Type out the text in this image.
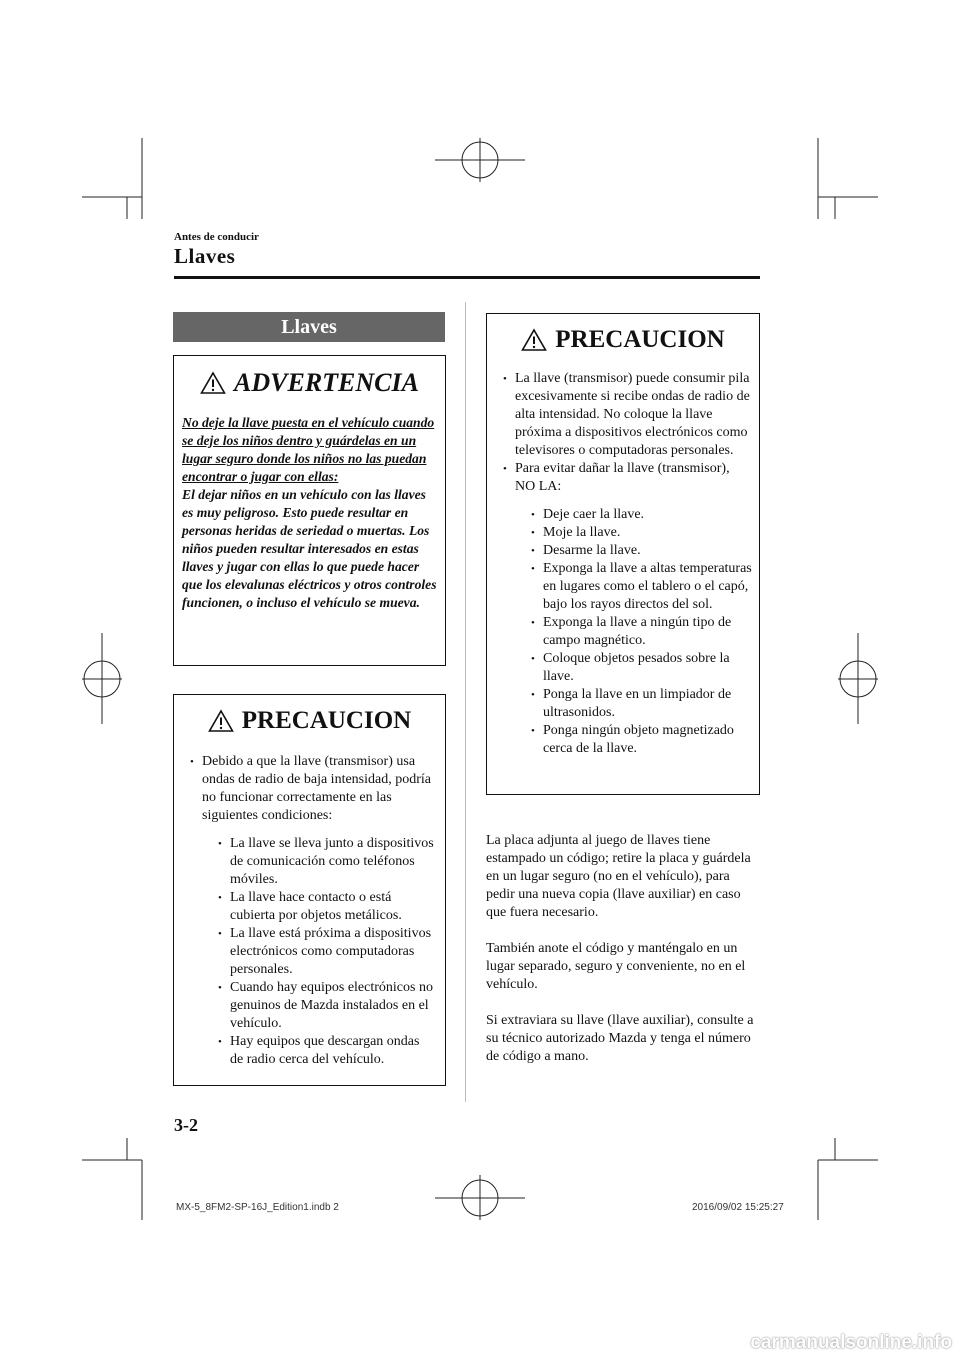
Antes de conducir
Llaves
Llaves
ADVERTENCIA
No deje la llave puesta en el vehículo cuando se deje los niños dentro y guárdelas en un lugar seguro donde los niños no las puedan encontrar o jugar con ellas:
El dejar niños en un vehículo con las llaves es muy peligroso. Esto puede resultar en personas heridas de seriedad o muertas. Los niños pueden resultar interesados en estas llaves y jugar con ellas lo que puede hacer que los elevalunas eléctricos y otros controles funcionen, o incluso el vehículo se mueva.
PRECAUCION
• Debido a que la llave (transmisor) usa ondas de radio de baja intensidad, podría no funcionar correctamente en las siguientes condiciones:
• La llave se lleva junto a dispositivos de comunicación como teléfonos móviles.
• La llave hace contacto o está cubierta por objetos metálicos.
• La llave está próxima a dispositivos electrónicos como computadoras personales.
• Cuando hay equipos electrónicos no genuinos de Mazda instalados en el vehículo.
• Hay equipos que descargan ondas de radio cerca del vehículo.
PRECAUCION
• La llave (transmisor) puede consumir pila excesivamente si recibe ondas de radio de alta intensidad. No coloque la llave próxima a dispositivos electrónicos como televisores o computadoras personales.
• Para evitar dañar la llave (transmisor), NO LA:
• Deje caer la llave.
• Moje la llave.
• Desarme la llave.
• Exponga la llave a altas temperaturas en lugares como el tablero o el capó, bajo los rayos directos del sol.
• Exponga la llave a ningún tipo de campo magnético.
• Coloque objetos pesados sobre la llave.
• Ponga la llave en un limpiador de ultrasonidos.
• Ponga ningún objeto magnetizado cerca de la llave.
La placa adjunta al juego de llaves tiene estampado un código; retire la placa y guárdela en un lugar seguro (no en el vehículo), para pedir una nueva copia (llave auxiliar) en caso que fuera necesario.
También anote el código y manténgalo en un lugar separado, seguro y conveniente, no en el vehículo.
Si extraviara su llave (llave auxiliar), consulte a su técnico autorizado Mazda y tenga el número de código a mano.
3-2
MX-5_8FM2-SP-16J_Edition1.indb 2	2016/09/02 15:25:27
carmanualsonline.info
